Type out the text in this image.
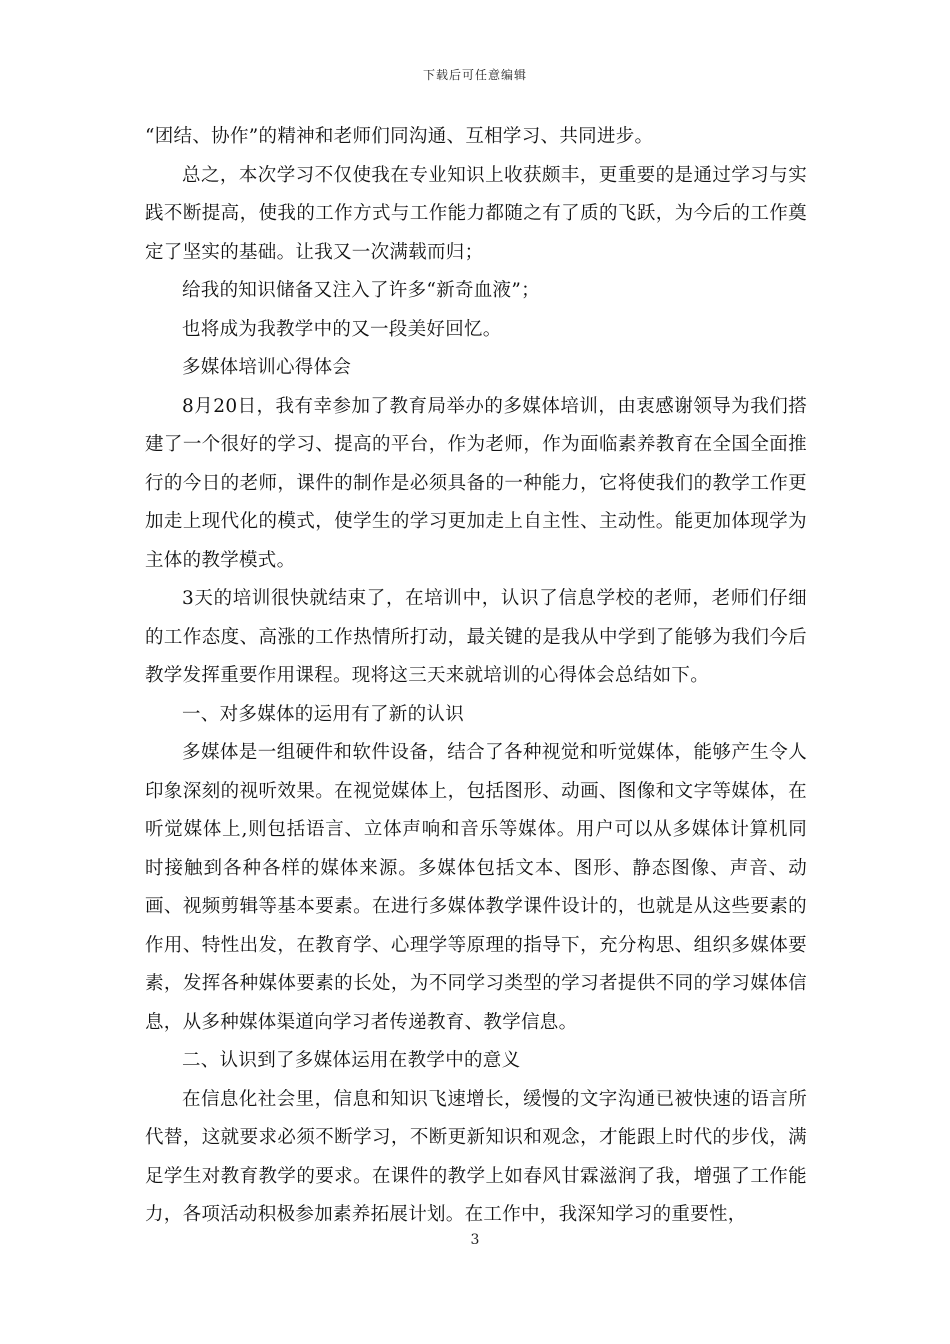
下载后可任意编辑

“团结、协作”的精神和老师们同沟通、互相学习、共同进步。

总之，本次学习不仅使我在专业知识上收获颇丰，更重要的是通过学习与实践不断提高，使我的工作方式与工作能力都随之有了质的飞跃，为今后的工作奠定了坚实的基础。让我又一次满载而归；

给我的知识储备又注入了许多“新奇血液”；

也将成为我教学中的又一段美好回忆。

多媒体培训心得体会

8月20日，我有幸参加了教育局举办的多媒体培训，由衷感谢领导为我们搭建了一个很好的学习、提高的平台，作为老师，作为面临素养教育在全国全面推行的今日的老师，课件的制作是必须具备的一种能力，它将使我们的教学工作更加走上现代化的模式，使学生的学习更加走上自主性、主动性。能更加体现学为主体的教学模式。

3天的培训很快就结束了，在培训中，认识了信息学校的老师，老师们仔细的工作态度、高涨的工作热情所打动，最关键的是我从中学到了能够为我们今后教学发挥重要作用课程。现将这三天来就培训的心得体会总结如下。

一、对多媒体的运用有了新的认识

多媒体是一组硬件和软件设备，结合了各种视觉和听觉媒体，能够产生令人印象深刻的视听效果。在视觉媒体上，包括图形、动画、图像和文字等媒体，在听觉媒体上,则包括语言、立体声响和音乐等媒体。用户可以从多媒体计算机同时接触到各种各样的媒体来源。多媒体包括文本、图形、静态图像、声音、动画、视频剪辑等基本要素。在进行多媒体教学课件设计的，也就是从这些要素的作用、特性出发，在教育学、心理学等原理的指导下，充分构思、组织多媒体要素，发挥各种媒体要素的长处，为不同学习类型的学习者提供不同的学习媒体信息，从多种媒体渠道向学习者传递教育、教学信息。

二、认识到了多媒体运用在教学中的意义

在信息化社会里，信息和知识飞速增长，缓慢的文字沟通已被快速的语言所代替，这就要求必须不断学习，不断更新知识和观念，才能跟上时代的步伐，满足学生对教育教学的要求。在课件的教学上如春风甘霖滋润了我，增强了工作能力，各项活动积极参加素养拓展计划。在工作中，我深知学习的重要性，

3
